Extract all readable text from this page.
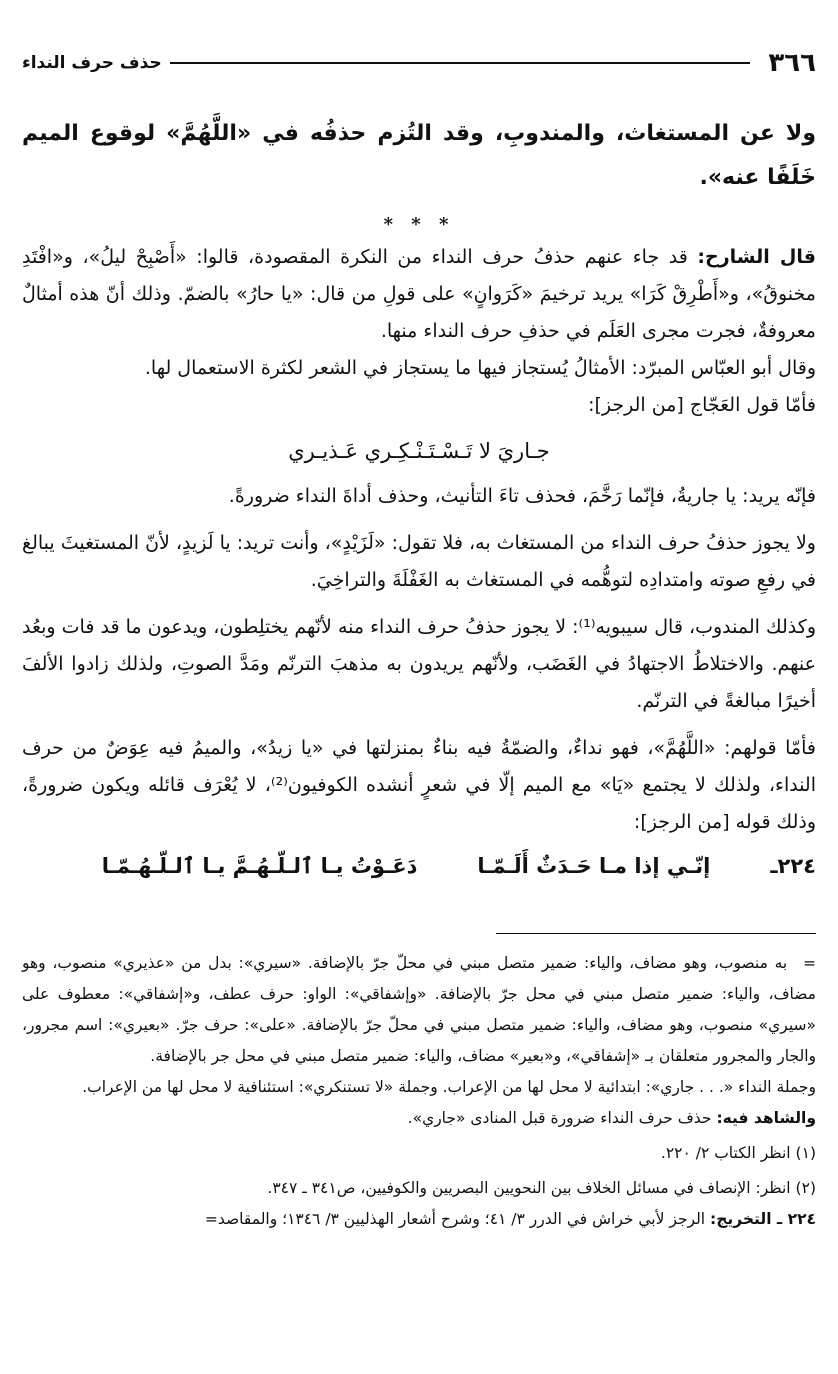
٣٦٦
حذف حرف النداء

ولا عن المستغاث، والمندوبِ، وقد التُزم حذفُه في «اللَّهُمَّ» لوقوع الميم خَلَفًا عنه».

* * *

قال الشارح: قد جاء عنهم حذفُ حرف النداء من النكرة المقصودة، قالوا: «أَصْبِحْ ليلُ»، و«افْتَدِ مخنوقُ»، و«أَطْرِقْ كَرَا» يريد ترخيمَ «كَرَوانٍ» على قولِ من قال: «يا حارُ» بالضمّ. وذلك أنّ هذه أمثالٌ معروفةٌ، فجرت مجرى العَلَم في حذفِ حرف النداء منها.

وقال أبو العبّاس المبرّد: الأمثالُ يُستجاز فيها ما يستجاز في الشعر لكثرة الاستعمال لها.

فأمّا قول العَجّاج [من الرجز]:

جـاريَ لا تَـسْـتَـنْـكِـري عَـذيـري

فإنّه يريد: يا جاريةُ، فإنّما رَخَّمَ، فحذف تاءَ التأنيث، وحذف أداةَ النداء ضرورةً.

ولا يجوز حذفُ حرف النداء من المستغاث به، فلا تقول: «لَزَيْدٍ»، وأنت تريد: يا لَزيدٍ، لأنّ المستغيثَ يبالغ في رفعِ صوته وامتدادِه لتوهُّمه في المستغاث به الغَفْلَةَ والتراخِيَ.

وكذلك المندوب، قال سيبويه⁽¹⁾: لا يجوز حذفُ حرف النداء منه لأنّهم يختلِطون، ويدعون ما قد فات وبعُد عنهم. والاختلاطُ الاجتهادُ في الغَضَب، ولأنّهم يريدون به مذهبَ الترنّم ومَدَّ الصوتِ، ولذلك زادوا الألفَ أخيرًا مبالغةً في الترنّم.

فأمّا قولهم: «اللَّهُمَّ»، فهو نداءٌ، والضمّةُ فيه بناءٌ بمنزلتها في «يا زيدُ»، والميمُ فيه عِوَضٌ من حرف النداء، ولذلك لا يجتمع «يَا» مع الميم إلّا في شعرٍ أنشده الكوفيون⁽²⁾، لا يُعْرَف قائله ويكون ضرورةً، وذلك قوله [من الرجز]:

٢٢٤ـ
إنّـي إذا مـا حَـدَثٌ أَلَـمّـا
دَعَـوْتُ يـا ٱلـلّـهُـمَّ يـا ٱلـلّـهُـمّـا

= به منصوب، وهو مضاف، والياء: ضمير متصل مبني في محلّ جرّ بالإضافة. «سيري»: بدل من «عذيري» منصوب، وهو مضاف، والياء: ضمير متصل مبني في محل جرّ بالإضافة. «وإشفاقي»: الواو: حرف عطف، و«إشفاقي»: معطوف على «سيري» منصوب، وهو مضاف، والياء: ضمير متصل مبني في محلّ جرّ بالإضافة. «على»: حرف جرّ. «بعيري»: اسم مجرور، والجار والمجرور متعلقان بـ «إشفاقي»، و«بعير» مضاف، والياء: ضمير متصل مبني في محل جر بالإضافة.

وجملة النداء «. . . جاري»: ابتدائية لا محل لها من الإعراب. وجملة «لا تستنكري»: استئنافية لا محل لها من الإعراب.

والشاهد فيه: حذف حرف النداء ضرورة قبل المنادى «جاري».

(١) انظر الكتاب ٢/ ٢٢٠.

(٢) انظر: الإنصاف في مسائل الخلاف بين النحويين البصريين والكوفيين، ص٣٤١ ـ ٣٤٧.

٢٢٤ ـ التخريج: الرجز لأبي خراش في الدرر ٣/ ٤١؛ وشرح أشعار الهذليين ٣/ ١٣٤٦؛ والمقاصد=
